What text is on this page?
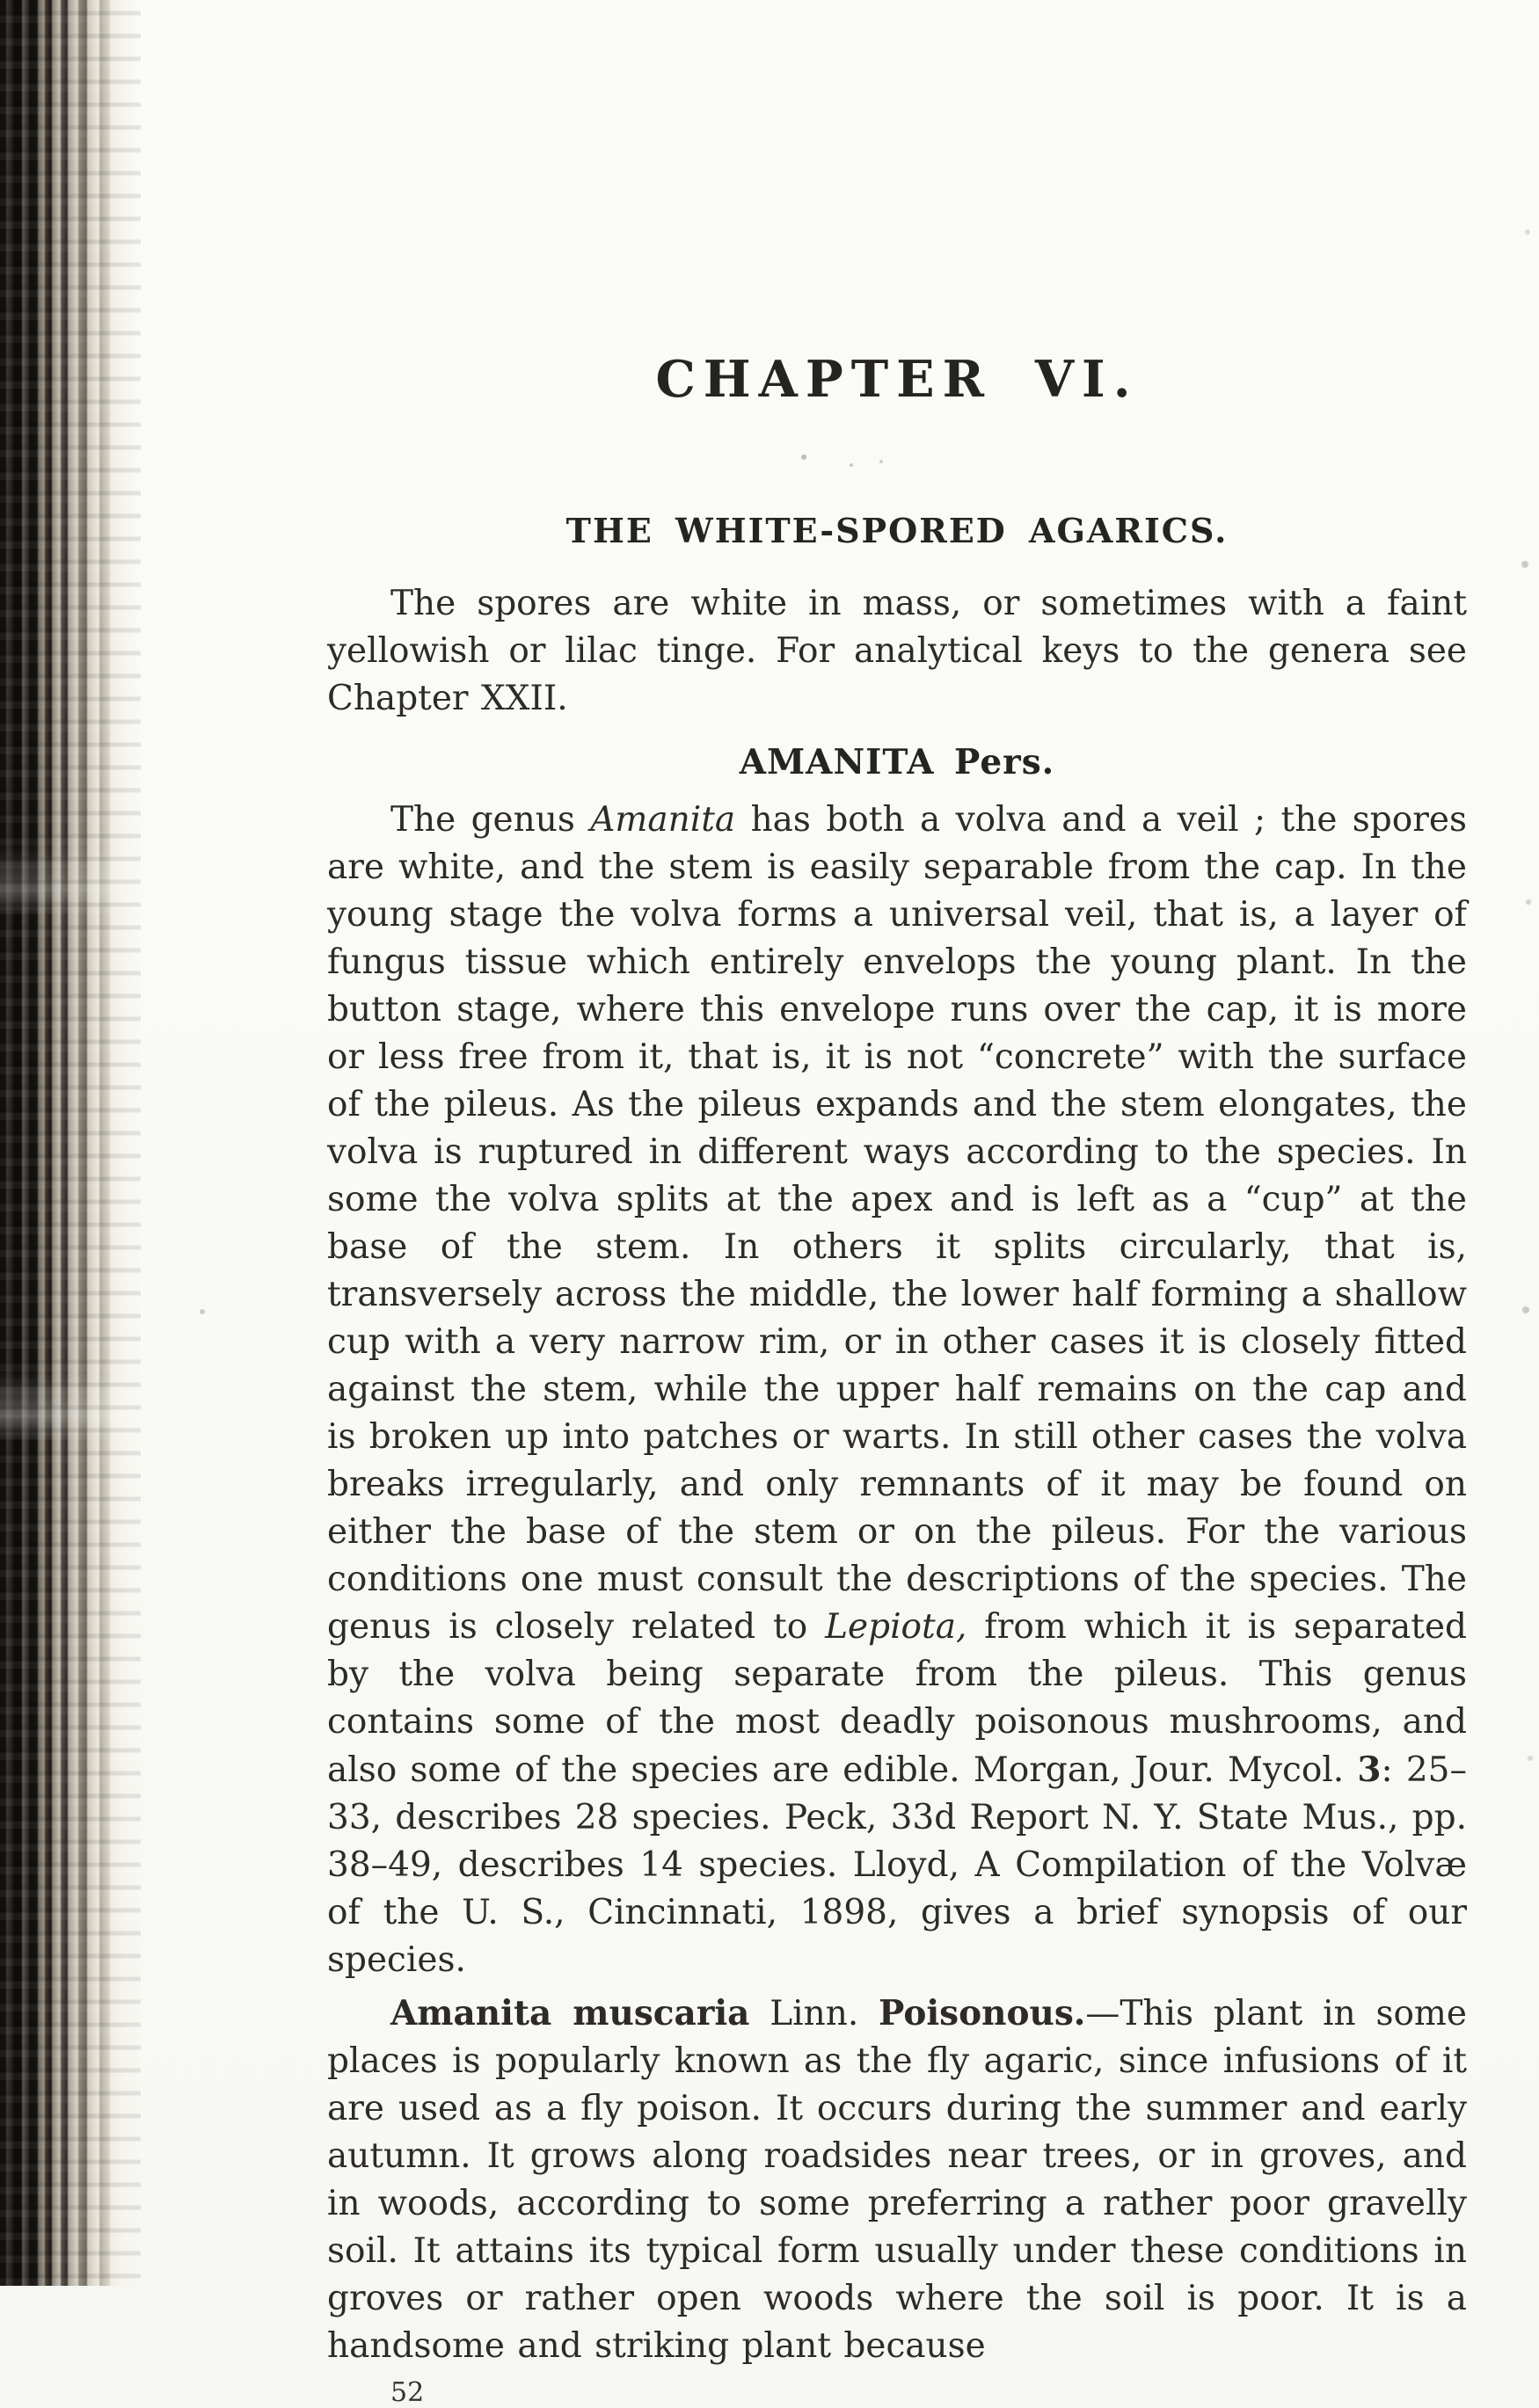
CHAPTER VI.
THE WHITE-SPORED AGARICS.

The spores are white in mass, or sometimes with a faint yellowish or lilac tinge. For analytical keys to the genera see Chapter XXII.

AMANITA Pers.

The genus Amanita has both a volva and a veil ; the spores are white, and the stem is easily separable from the cap. In the young stage the volva forms a universal veil, that is, a layer of fungus tissue which entirely envelops the young plant. In the button stage, where this envelope runs over the cap, it is more or less free from it, that is, it is not “concrete” with the surface of the pileus. As the pileus expands and the stem elongates, the volva is ruptured in different ways according to the species. In some the volva splits at the apex and is left as a “cup” at the base of the stem. In others it splits circularly, that is, transversely across the middle, the lower half forming a shallow cup with a very narrow rim, or in other cases it is closely fitted against the stem, while the upper half remains on the cap and is broken up into patches or warts. In still other cases the volva breaks irregularly, and only remnants of it may be found on either the base of the stem or on the pileus. For the various conditions one must consult the descriptions of the species. The genus is closely related to Lepiota, from which it is separated by the volva being separate from the pileus. This genus contains some of the most deadly poisonous mushrooms, and also some of the species are edible. Morgan, Jour. Mycol. 3: 25–33, describes 28 species. Peck, 33d Report N. Y. State Mus., pp. 38–49, describes 14 species. Lloyd, A Compilation of the Volvæ of the U. S., Cincinnati, 1898, gives a brief synopsis of our species.

Amanita muscaria Linn. Poisonous.—This plant in some places is popularly known as the fly agaric, since infusions of it are used as a fly poison. It occurs during the summer and early autumn. It grows along roadsides near trees, or in groves, and in woods, according to some preferring a rather poor gravelly soil. It attains its typical form usually under these conditions in groves or rather open woods where the soil is poor. It is a handsome and striking plant because

52
